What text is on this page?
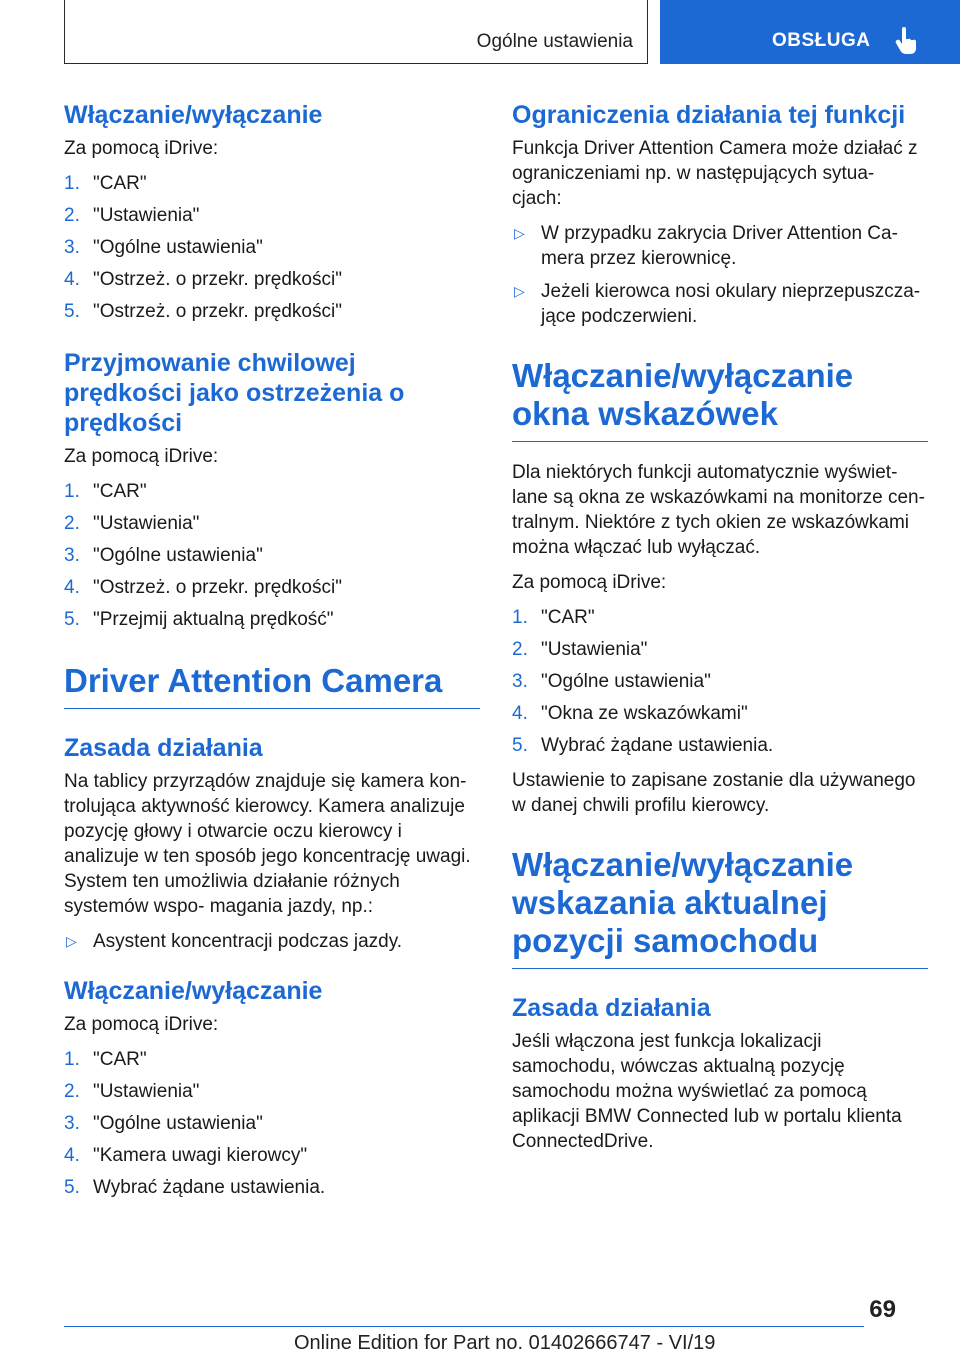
Ogólne ustawienia	OBSŁUGA
Włączanie/wyłączanie

Za pomocą iDrive:

1. "CAR"
2. "Ustawienia"
3. "Ogólne ustawienia"
4. "Ostrzeż. o przekr. prędkości"
5. "Ostrzeż. o przekr. prędkości"
Przyjmowanie chwilowej prędkości jako ostrzeżenia o prędkości

Za pomocą iDrive:

1. "CAR"
2. "Ustawienia"
3. "Ogólne ustawienia"
4. "Ostrzeż. o przekr. prędkości"
5. "Przejmij aktualną prędkość"
Driver Attention Camera
Zasada działania

Na tablicy przyrządów znajduje się kamera kon- trolująca aktywność kierowcy. Kamera analizuje pozycję głowy i otwarcie oczu kierowcy i analizuje w ten sposób jego koncentrację uwagi. System ten umożliwia działanie różnych systemów wspo- magania jazdy, np.:

▷ Asystent koncentracji podczas jazdy.
Włączanie/wyłączanie

Za pomocą iDrive:

1. "CAR"
2. "Ustawienia"
3. "Ogólne ustawienia"
4. "Kamera uwagi kierowcy"
5. Wybrać żądane ustawienia.
Ograniczenia działania tej funkcji

Funkcja Driver Attention Camera może działać z ograniczeniami np. w następujących sytua- cjach:

▷ W przypadku zakrycia Driver Attention Ca- mera przez kierownicę.
▷ Jeżeli kierowca nosi okulary nieprzepuszcza- jące podczerwieni.
Włączanie/wyłączanie okna wskazówek

Dla niektórych funkcji automatycznie wyświet- lane są okna ze wskazówkami na monitorze cen- tralnym. Niektóre z tych okien ze wskazówkami można włączać lub wyłączać.

Za pomocą iDrive:

1. "CAR"
2. "Ustawienia"
3. "Ogólne ustawienia"
4. "Okna ze wskazówkami"
5. Wybrać żądane ustawienia.

Ustawienie to zapisane zostanie dla używanego w danej chwili profilu kierowcy.

Włączanie/wyłączanie wskazania aktualnej pozycji samochodu
Zasada działania

Jeśli włączona jest funkcja lokalizacji samochodu, wówczas aktualną pozycję samochodu można wyświetlać za pomocą aplikacji BMW Connected lub w portalu klienta ConnectedDrive.

69
Online Edition for Part no. 01402666747 - VI/19
